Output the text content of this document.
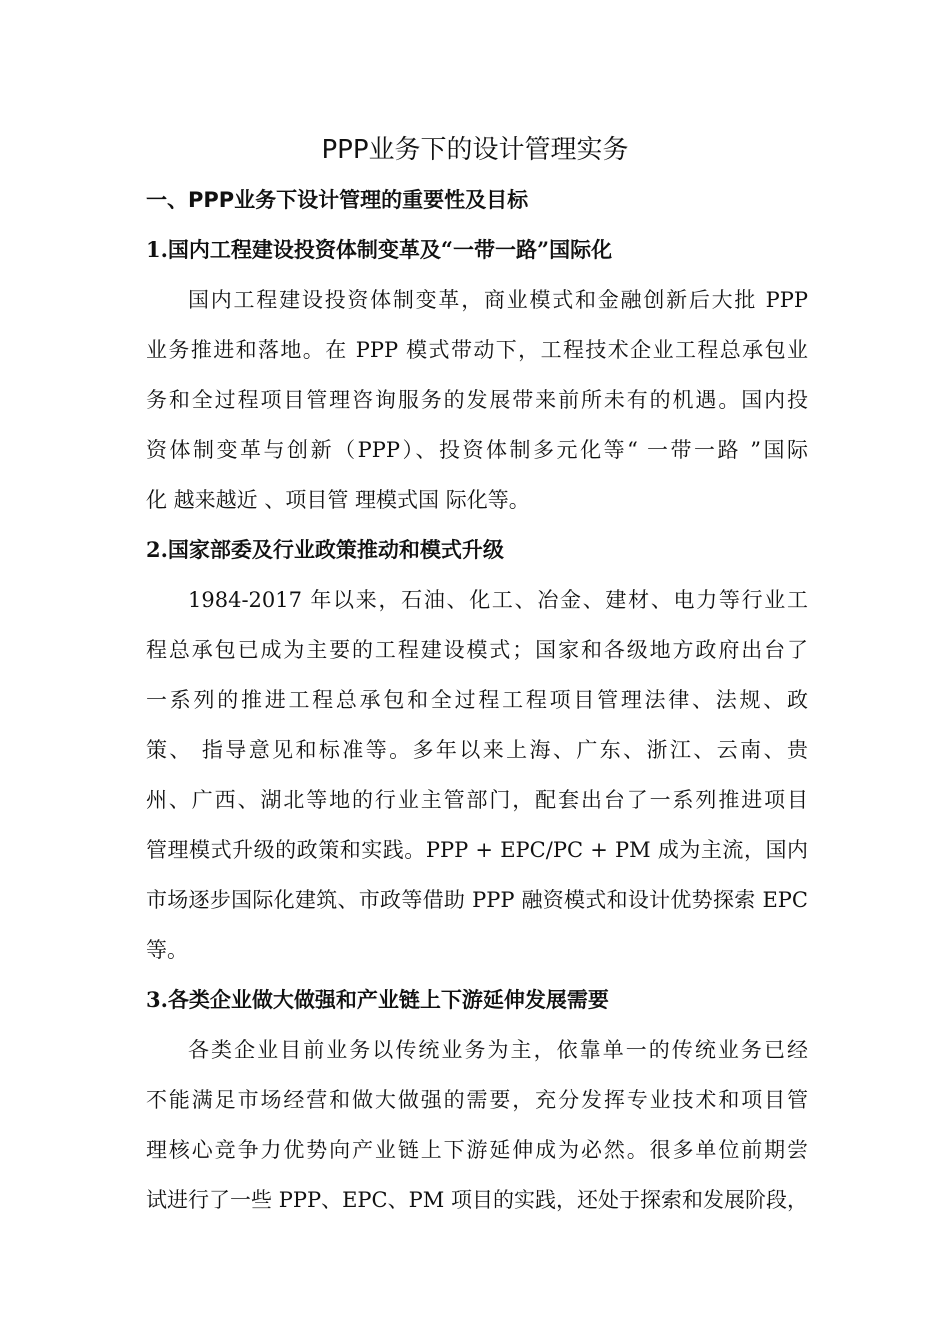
PPP业务下的设计管理实务
一、PPP业务下设计管理的重要性及目标
1.国内工程建设投资体制变革及“一带一路”国际化
国内工程建设投资体制变革，商业模式和金融创新后大批 PPP
业务推进和落地。在 PPP 模式带动下，工程技术企业工程总承包业
务和全过程项目管理咨询服务的发展带来前所未有的机遇。国内投
资体制变革与创新（PPP）、投资体制多元化等“ 一带一路 ”国际
化 越来越近 、项目管 理模式国 际化等。
2.国家部委及行业政策推动和模式升级
1984-2017 年以来，石油、化工、冶金、建材、电力等行业工
程总承包已成为主要的工程建设模式；国家和各级地方政府出台了
一系列的推进工程总承包和全过程工程项目管理法律、法规、政
策、 指导意见和标准等。多年以来上海、广东、浙江、云南、贵
州、广西、湖北等地的行业主管部门，配套出台了一系列推进项目
管理模式升级的政策和实践。PPP + EPC/PC + PM 成为主流，国内
市场逐步国际化建筑、市政等借助 PPP 融资模式和设计优势探索 EPC
等。
3.各类企业做大做强和产业链上下游延伸发展需要
各类企业目前业务以传统业务为主，依靠单一的传统业务已经
不能满足市场经营和做大做强的需要，充分发挥专业技术和项目管
理核心竞争力优势向产业链上下游延伸成为必然。很多单位前期尝
试进行了一些 PPP、EPC、PM 项目的实践，还处于探索和发展阶段，
